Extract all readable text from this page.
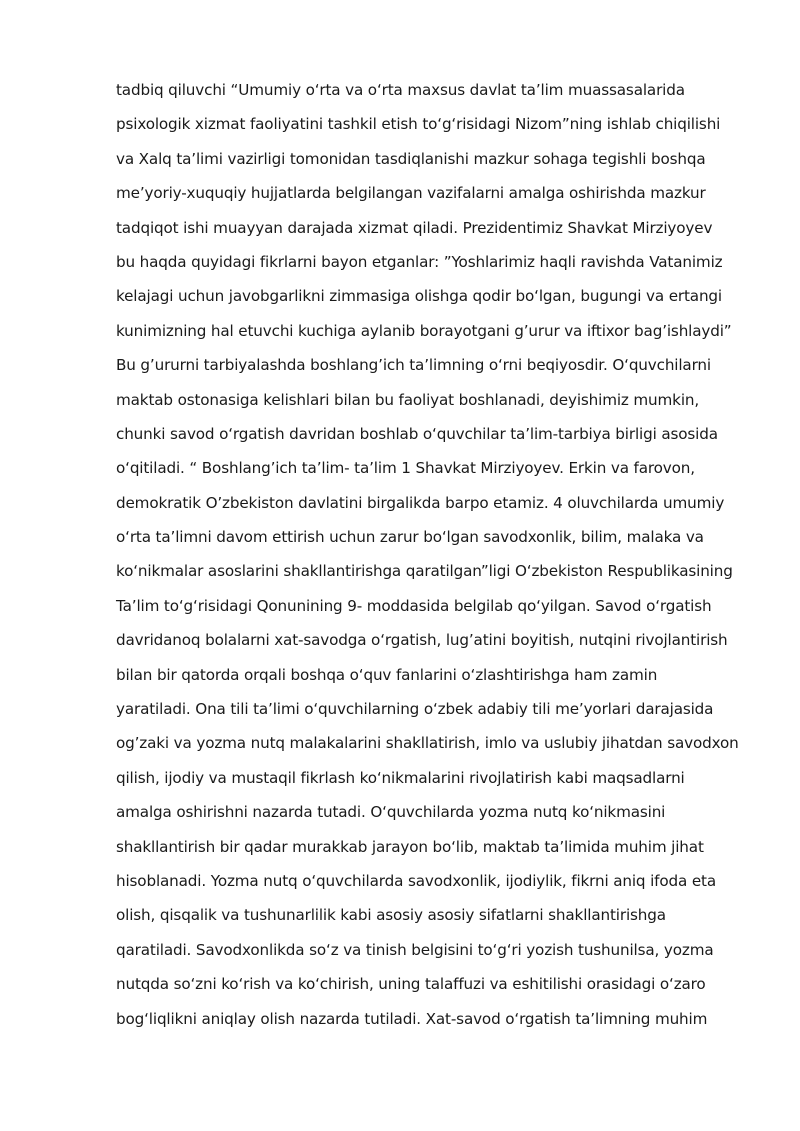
tadbiq qiluvchi “Umumiy o‘rta va o‘rta maxsus davlat ta’lim muassasalarida
psixologik xizmat faoliyatini tashkil etish to‘g‘risidagi Nizom”ning ishlab chiqilishi
va Xalq ta’limi vazirligi tomonidan tasdiqlanishi mazkur sohaga tegishli boshqa
me’yoriy-xuquqiy hujjatlarda belgilangan vazifalarni amalga oshirishda mazkur
tadqiqot ishi muayyan darajada xizmat qiladi. Prezidentimiz Shavkat Mirziyoyev
bu haqda quyidagi fikrlarni bayon etganlar: ”Yoshlarimiz haqli ravishda Vatanimiz
kelajagi uchun javobgarlikni zimmasiga olishga qodir bo‘lgan, bugungi va ertangi
kunimizning hal etuvchi kuchiga aylanib borayotgani g’urur va iftixor bag’ishlaydi”
Bu g’ururni tarbiyalashda boshlang’ich ta’limning o‘rni beqiyosdir. O‘quvchilarni
maktab ostonasiga kelishlari bilan bu faoliyat boshlanadi, deyishimiz mumkin,
chunki savod o‘rgatish davridan boshlab o‘quvchilar ta’lim-tarbiya birligi asosida
o‘qitiladi. “ Boshlang’ich ta’lim- ta’lim 1 Shavkat Mirziyoyev. Erkin va farovon,
demokratik O’zbekiston davlatini birgalikda barpo etamiz. 4 oluvchilarda umumiy
o‘rta ta’limni davom ettirish uchun zarur bo‘lgan savodxonlik, bilim, malaka va
ko‘nikmalar asoslarini shakllantirishga qaratilgan”ligi O‘zbekiston Respublikasining
Ta’lim to‘g‘risidagi Qonunining 9- moddasida belgilab qo‘yilgan. Savod o‘rgatish
davridanoq bolalarni xat-savodga o‘rgatish, lug’atini boyitish, nutqini rivojlantirish
bilan bir qatorda orqali boshqa o‘quv fanlarini o‘zlashtirishga ham zamin
yaratiladi. Ona tili ta’limi o‘quvchilarning o‘zbek adabiy tili me’yorlari darajasida
og’zaki va yozma nutq malakalarini shakllatirish, imlo va uslubiy jihatdan savodxon
qilish, ijodiy va mustaqil fikrlash ko‘nikmalarini rivojlatirish kabi maqsadlarni
amalga oshirishni nazarda tutadi. O‘quvchilarda yozma nutq ko‘nikmasini
shakllantirish bir qadar murakkab jarayon bo‘lib, maktab ta’limida muhim jihat
hisoblanadi. Yozma nutq o‘quvchilarda savodxonlik, ijodiylik, fikrni aniq ifoda eta
olish, qisqalik va tushunarlilik kabi asosiy asosiy sifatlarni shakllantirishga
qaratiladi. Savodxonlikda so‘z va tinish belgisini to‘g‘ri yozish tushunilsa, yozma
nutqda so‘zni ko‘rish va ko‘chirish, uning talaffuzi va eshitilishi orasidagi o‘zaro
bog‘liqlikni aniqlay olish nazarda tutiladi. Xat-savod o‘rgatish ta’limning muhim
